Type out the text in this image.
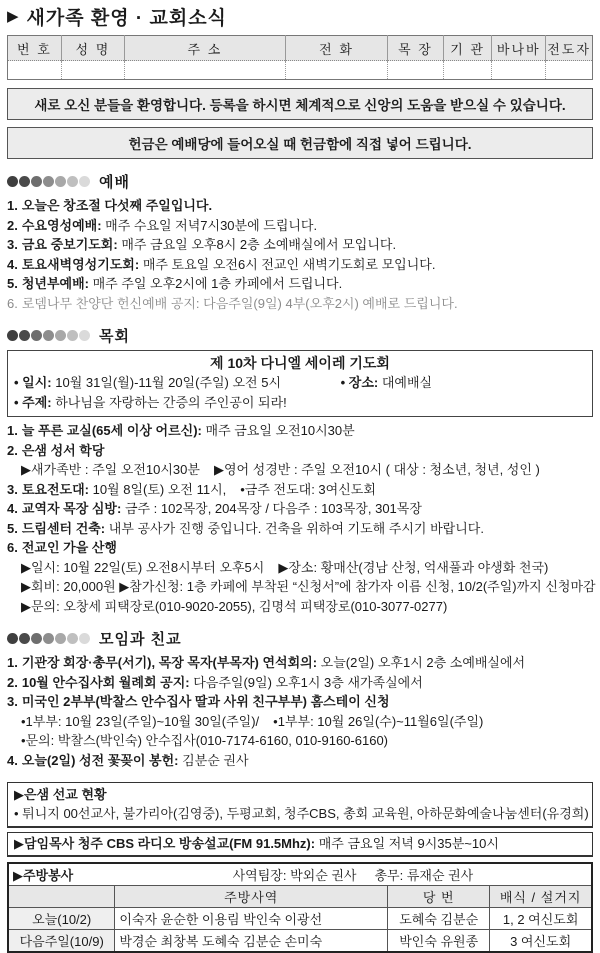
▶ 새가족 환영 · 교회소식
번 호	성 명	주 소	전 화	목 장	기 관	바나바	전도자

새로 오신 분들을 환영합니다. 등록을 하시면 체계적으로 신앙의 도움을 받으실 수 있습니다.
헌금은 예배당에 들어오실 때 헌금함에 직접 넣어 드립니다.
예배
1. 오늘은 창조절 다섯째 주일입니다.
2. 수요영성예배: 매주 수요일 저녁7시30분에 드립니다.
3. 금요 중보기도회: 매주 금요일 오후8시 2층 소예배실에서 모입니다.
4. 토요새벽영성기도회: 매주 토요일 오전6시 전교인 새벽기도회로 모입니다.
5. 청년부예배: 매주 주일 오후2시에 1층 카페에서 드립니다.
6. 로뎀나무 찬양단 헌신예배 공지: 다음주일(9일) 4부(오후2시) 예배로 드립니다.
목회
제 10차 다니엘 세이레 기도회
• 일시: 10월 31일(월)-11월 20일(주일) 오전 5시	• 장소: 대예배실
• 주제: 하나님을 자랑하는 간증의 주인공이 되라!
1. 늘 푸른 교실(65세 이상 어르신): 매주 금요일 오전10시30분
2. 은샘 성서 학당
▶새가족반 : 주일 오전10시30분 ▶영어 성경반 : 주일 오전10시 ( 대상 : 청소년, 청년, 성인 )
3. 토요전도대: 10월 8일(토) 오전 11시, •금주 전도대: 3여신도회
4. 교역자 목장 심방: 금주 : 102목장, 204목장 / 다음주 : 103목장, 301목장
5. 드림센터 건축: 내부 공사가 진행 중입니다. 건축을 위하여 기도해 주시기 바랍니다.
6. 전교인 가을 산행
▶일시: 10월 22일(토) 오전8시부터 오후5시 ▶장소: 황매산(경남 산청, 억새풀과 야생화 천국)
▶회비: 20,000원 ▶참가신청: 1층 카페에 부착된 “신청서”에 참가자 이름 신청, 10/2(주일)까지 신청마감
▶문의: 오창세 피택장로(010-9020-2055), 김명석 피택장로(010-3077-0277)
모임과 친교
1. 기관장 회장·총무(서기), 목장 목자(부목자) 연석회의: 오늘(2일) 오후1시 2층 소예배실에서
2. 10월 안수집사회 월례회 공지: 다음주일(9일) 오후1시 3층 새가족실에서
3. 미국인 2부부(박찰스 안수집사 딸과 사위 친구부부) 홈스테이 신청
•1부부: 10월 23일(주일)~10월 30일(주일)/ •1부부: 10월 26일(수)~11월6일(주일)
•문의: 박찰스(박인숙) 안수집사(010-7174-6160, 010-9160-6160)
4. 오늘(2일) 성전 꽃꽂이 봉헌: 김분순 권사
▶은샘 선교 현황
• 튀니지 00선교사, 불가리아(김영중), 두평교회, 청주CBS, 총회 교육원, 아하문화예술나눔센터(유경희)
▶담임목사 청주 CBS 라디오 방송설교(FM 91.5Mhz): 매주 금요일 저녁 9시35분~10시
▶주방봉사	사역팀장: 박외순 권사 총무: 류재순 권사		
	주방사역	당 번	배식 / 설거지
오늘(10/2)	이숙자 윤순한 이용림 박인숙 이광선	도혜숙 김분순	1, 2 여신도회
다음주일(10/9)	박경순 최창복 도혜숙 김분순 손미숙	박인숙 유원종	3 여신도회
